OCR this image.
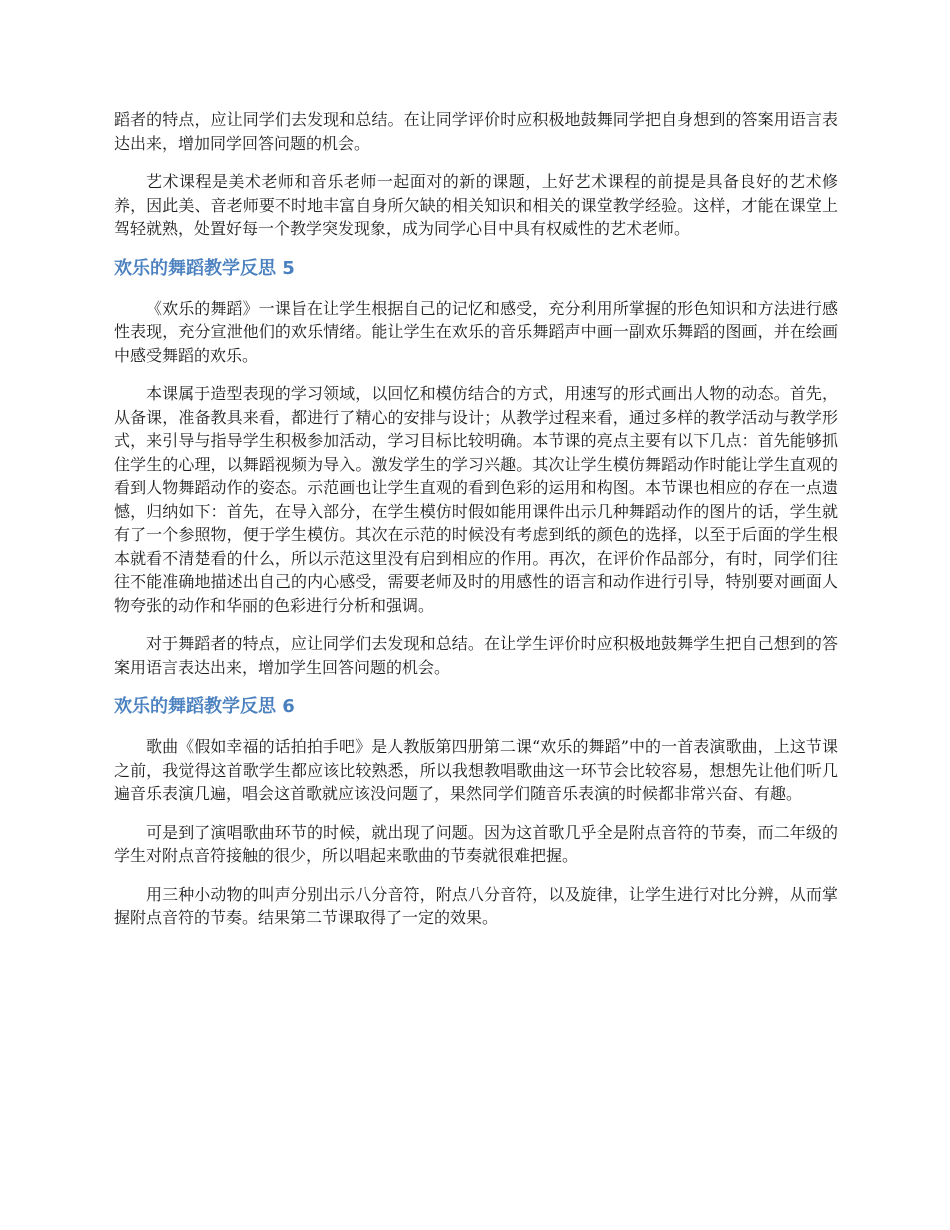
蹈者的特点，应让同学们去发现和总结。在让同学评价时应积极地鼓舞同学把自身想到的答案用语言表达出来，增加同学回答问题的机会。

艺术课程是美术老师和音乐老师一起面对的新的课题，上好艺术课程的前提是具备良好的艺术修养，因此美、音老师要不时地丰富自身所欠缺的相关知识和相关的课堂教学经验。这样，才能在课堂上驾轻就熟，处置好每一个教学突发现象，成为同学心目中具有权威性的艺术老师。

欢乐的舞蹈教学反思 5

《欢乐的舞蹈》一课旨在让学生根据自己的记忆和感受，充分利用所掌握的形色知识和方法进行感性表现，充分宣泄他们的欢乐情绪。能让学生在欢乐的音乐舞蹈声中画一副欢乐舞蹈的图画，并在绘画中感受舞蹈的欢乐。

本课属于造型表现的学习领域，以回忆和模仿结合的方式，用速写的形式画出人物的动态。首先，从备课，准备教具来看，都进行了精心的安排与设计；从教学过程来看，通过多样的教学活动与教学形式，来引导与指导学生积极参加活动，学习目标比较明确。本节课的亮点主要有以下几点：首先能够抓住学生的心理，以舞蹈视频为导入。激发学生的学习兴趣。其次让学生模仿舞蹈动作时能让学生直观的看到人物舞蹈动作的姿态。示范画也让学生直观的看到色彩的运用和构图。本节课也相应的存在一点遗憾，归纳如下：首先，在导入部分，在学生模仿时假如能用课件出示几种舞蹈动作的图片的话，学生就有了一个参照物，便于学生模仿。其次在示范的时候没有考虑到纸的颜色的选择，以至于后面的学生根本就看不清楚看的什么，所以示范这里没有启到相应的作用。再次，在评价作品部分，有时，同学们往往不能准确地描述出自己的内心感受，需要老师及时的用感性的语言和动作进行引导，特别要对画面人物夸张的动作和华丽的色彩进行分析和强调。

对于舞蹈者的特点，应让同学们去发现和总结。在让学生评价时应积极地鼓舞学生把自己想到的答案用语言表达出来，增加学生回答问题的机会。

欢乐的舞蹈教学反思 6

歌曲《假如幸福的话拍拍手吧》是人教版第四册第二课“欢乐的舞蹈”中的一首表演歌曲，上这节课之前，我觉得这首歌学生都应该比较熟悉，所以我想教唱歌曲这一环节会比较容易，想想先让他们听几遍音乐表演几遍，唱会这首歌就应该没问题了，果然同学们随音乐表演的时候都非常兴奋、有趣。

可是到了演唱歌曲环节的时候，就出现了问题。因为这首歌几乎全是附点音符的节奏，而二年级的学生对附点音符接触的很少，所以唱起来歌曲的节奏就很难把握。

用三种小动物的叫声分别出示八分音符，附点八分音符，以及旋律，让学生进行对比分辨，从而掌握附点音符的节奏。结果第二节课取得了一定的效果。
